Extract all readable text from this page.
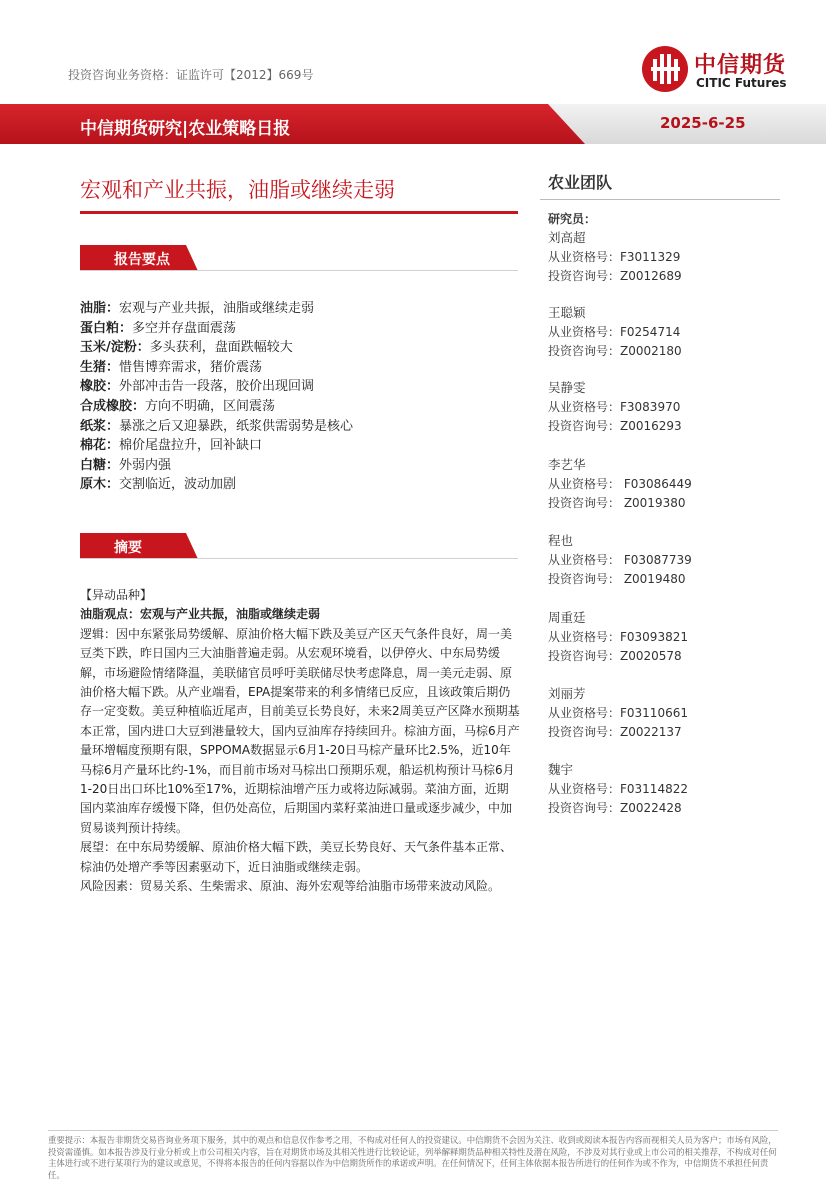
投资咨询业务资格：证监许可【2012】669号	中信期货
CITIC Futures
中信期货研究|农业策略日报	2025-6-25
宏观和产业共振，油脂或继续走弱
报告要点
油脂：宏观与产业共振，油脂或继续走弱
蛋白粕：多空并存盘面震荡
玉米/淀粉：多头获利，盘面跌幅较大
生猪：惜售博弈需求，猪价震荡
橡胶：外部冲击告一段落，胶价出现回调
合成橡胶：方向不明确，区间震荡
纸浆：暴涨之后又迎暴跌，纸浆供需弱势是核心
棉花：棉价尾盘拉升，回补缺口
白糖：外弱内强
原木：交割临近，波动加剧
摘要

【异动品种】

油脂观点：宏观与产业共振，油脂或继续走弱

逻辑：因中东紧张局势缓解、原油价格大幅下跌及美豆产区天气条件良好，周一美豆类下跌，昨日国内三大油脂普遍走弱。从宏观环境看，以伊停火、中东局势缓解，市场避险情绪降温，美联储官员呼吁美联储尽快考虑降息，周一美元走弱、原油价格大幅下跌。从产业端看，EPA提案带来的利多情绪已反应，且该政策后期仍存一定变数。美豆种植临近尾声，目前美豆长势良好，未来2周美豆产区降水预期基本正常，国内进口大豆到港量较大，国内豆油库存持续回升。棕油方面，马棕6月产量环增幅度预期有限，SPPOMA数据显示6月1-20日马棕产量环比2.5%，近10年马棕6月产量环比约-1%，而目前市场对马棕出口预期乐观，船运机构预计马棕6月1-20日出口环比10%至17%，近期棕油增产压力或将边际减弱。菜油方面，近期国内菜油库存缓慢下降，但仍处高位，后期国内菜籽菜油进口量或逐步减少，中加贸易谈判预计持续。

展望：在中东局势缓解、原油价格大幅下跌，美豆长势良好、天气条件基本正常、棕油仍处增产季等因素驱动下，近日油脂或继续走弱。

风险因素：贸易关系、生柴需求、原油、海外宏观等给油脂市场带来波动风险。

农业团队
研究员：
刘高超
从业资格号：F3011329
投资咨询号：Z0012689
王聪颖
从业资格号：F0254714
投资咨询号：Z0002180
吴静雯
从业资格号：F3083970
投资咨询号：Z0016293
李艺华
从业资格号： F03086449
投资咨询号： Z0019380
程也
从业资格号： F03087739
投资咨询号： Z0019480
周重廷
从业资格号：F03093821
投资咨询号：Z0020578
刘丽芳
从业资格号：F03110661
投资咨询号：Z0022137
魏宇
从业资格号：F03114822
投资咨询号：Z0022428
重要提示：本报告非期货交易咨询业务项下服务，其中的观点和信息仅作参考之用，不构成对任何人的投资建议。中信期货不会因为关注、收到或阅读本报告内容而视相关人员为客户；市场有风险，投资需谨慎。如本报告涉及行业分析或上市公司相关内容，旨在对期货市场及其相关性进行比较论证，列举解释期货品种相关特性及潜在风险，不涉及对其行业或上市公司的相关推荐，不构成对任何主体进行或不进行某项行为的建议或意见，不得将本报告的任何内容据以作为中信期货所作的承诺或声明。在任何情况下，任何主体依据本报告所进行的任何作为或不作为，中信期货不承担任何责任。
